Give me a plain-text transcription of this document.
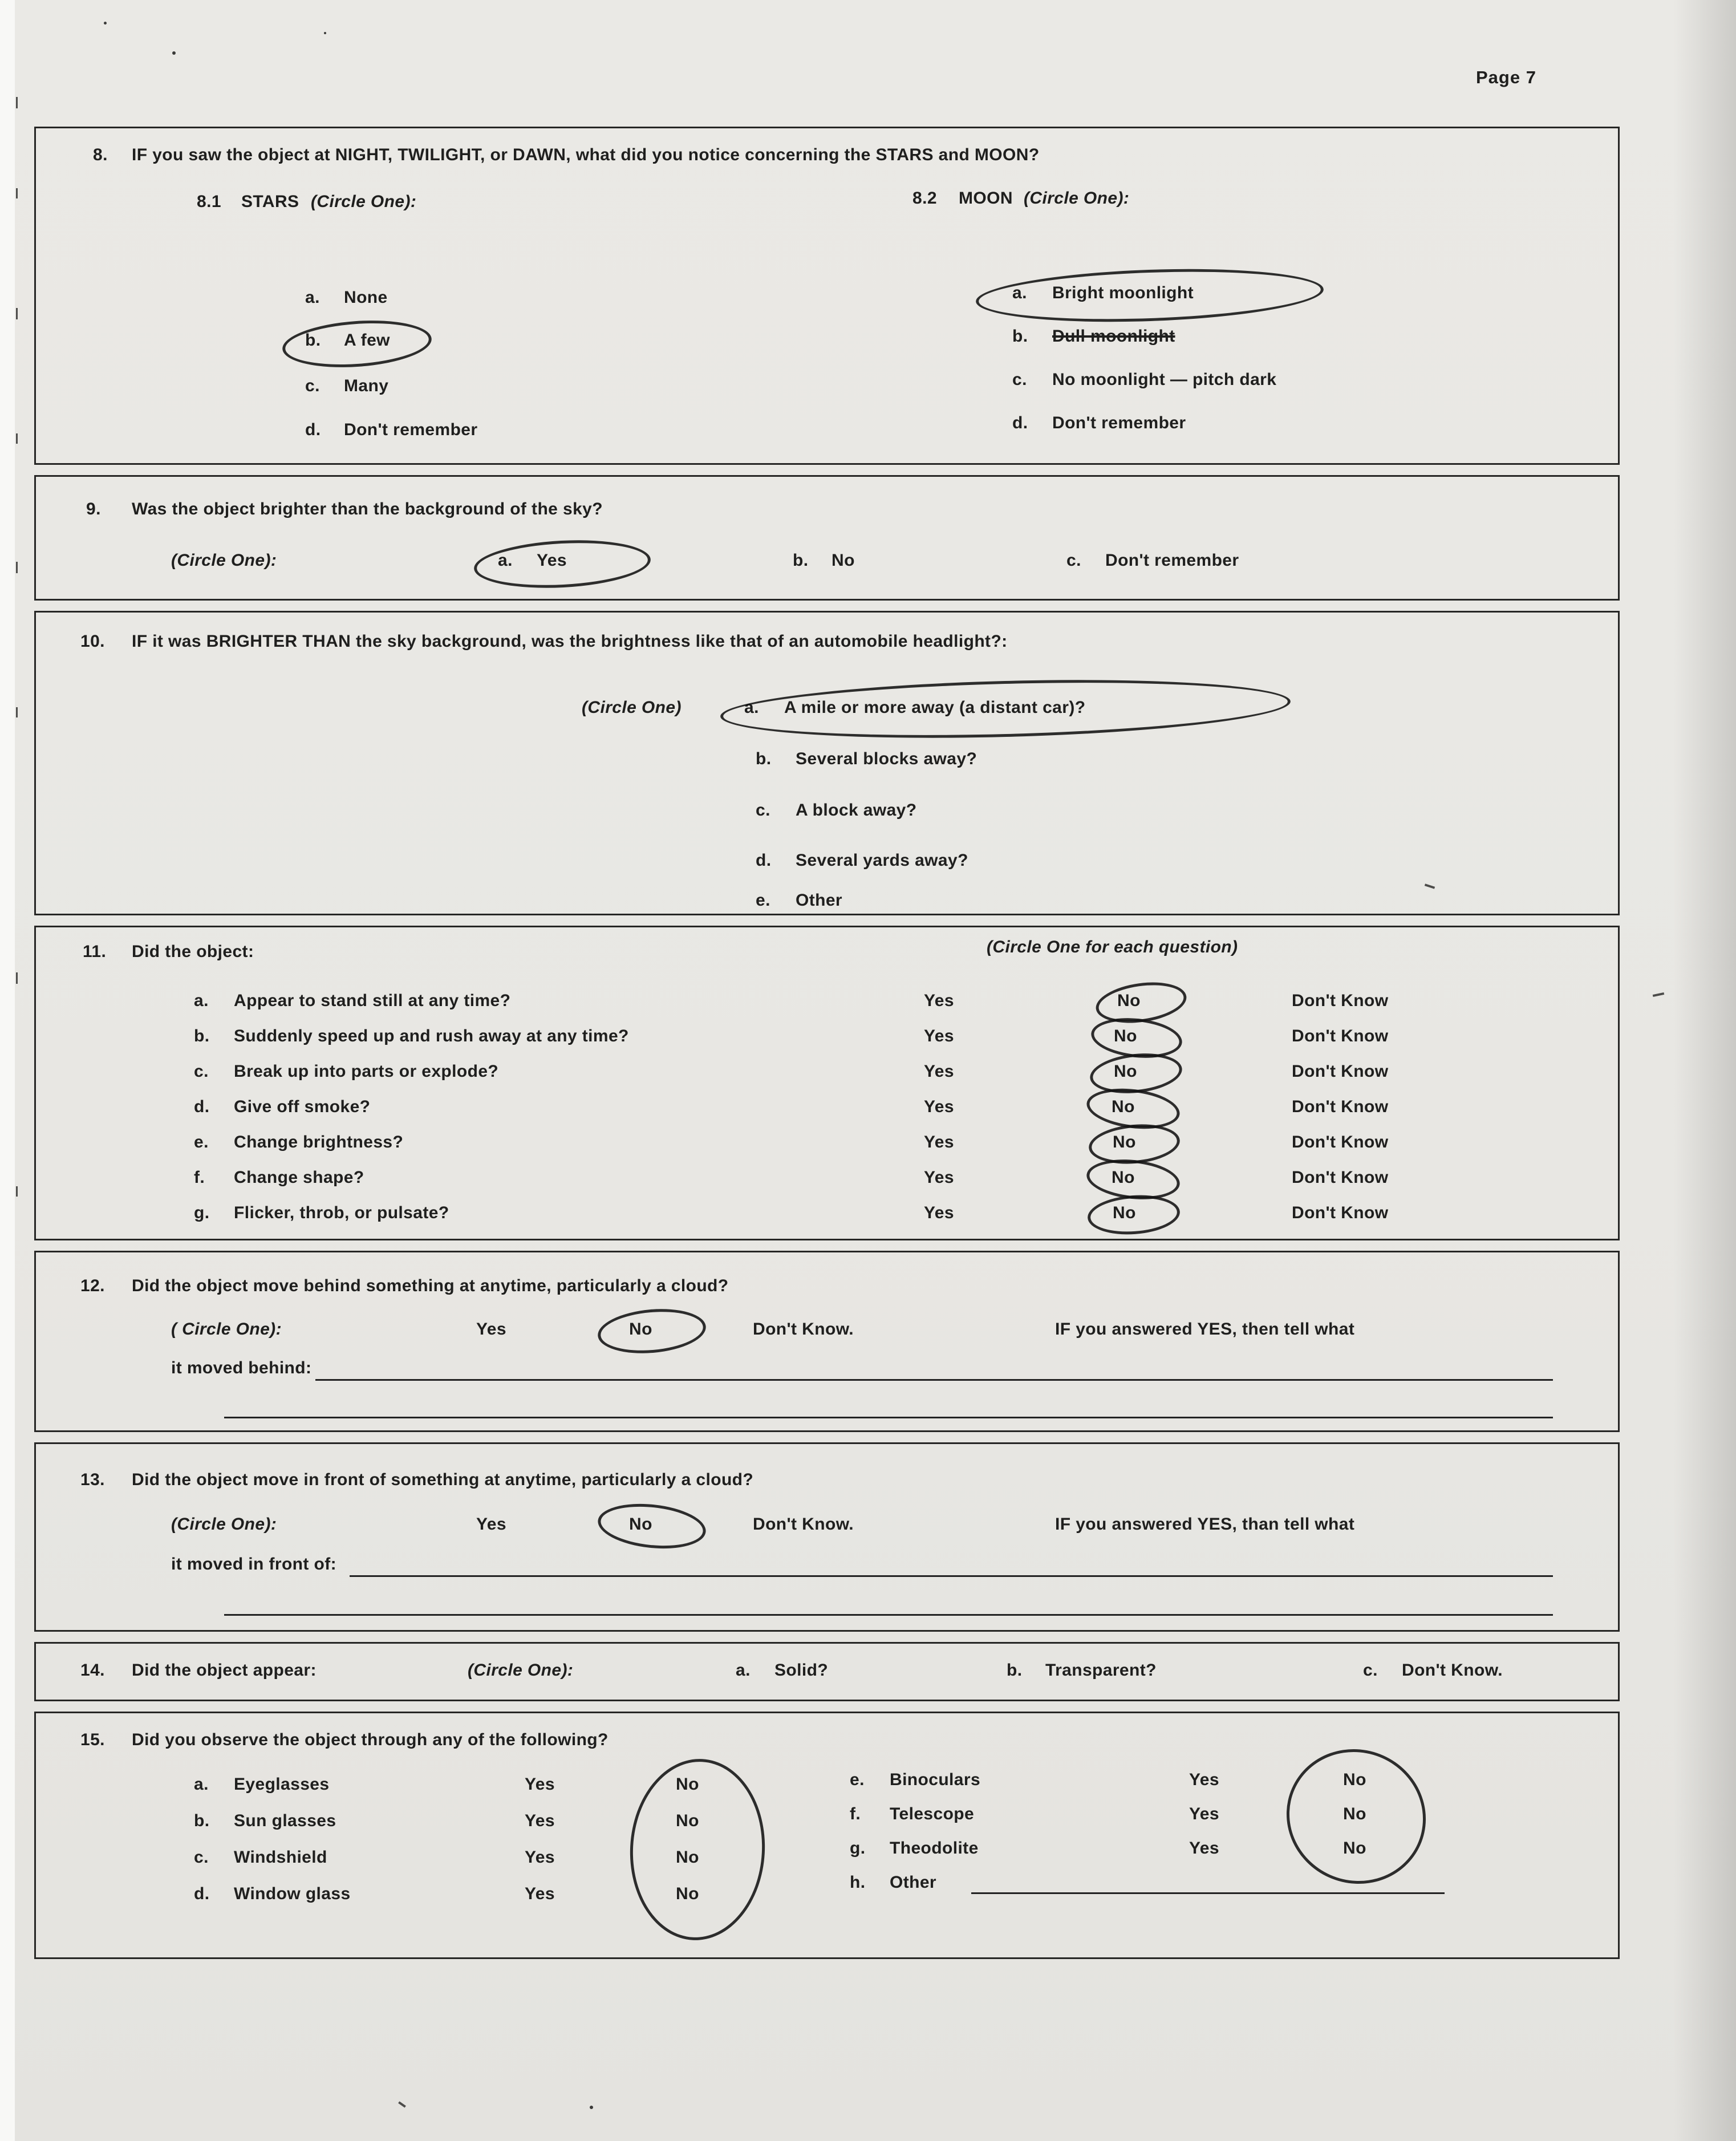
Page 7
8. IF you saw the object at NIGHT, TWILIGHT, or DAWN, what did you notice concerning the STARS and MOON?
8.1 STARS (Circle One):	8.2 MOON (Circle One):
a. None
b. A few
c. Many
d. Don't remember
a. Bright moonlight
b. Dull moonlight
c. No moonlight — pitch dark
d. Don't remember
9. Was the object brighter than the background of the sky?
(Circle One):	a. Yes	b. No	c. Don't remember
10. IF it was BRIGHTER THAN the sky background, was the brightness like that of an automobile headlight?:
(Circle One)	a. A mile or more away (a distant car)?
b. Several blocks away?
c. A block away?
d. Several yards away?
e. Other
11. Did the object:	(Circle One for each question)
a. Appear to stand still at any time?	Yes	No	Don't Know
b. Suddenly speed up and rush away at any time?	Yes	No	Don't Know
c. Break up into parts or explode?	Yes	No	Don't Know
d. Give off smoke?	Yes	No	Don't Know
e. Change brightness?	Yes	No	Don't Know
f. Change shape?	Yes	No	Don't Know
g. Flicker, throb, or pulsate?	Yes	No	Don't Know
12. Did the object move behind something at anytime, particularly a cloud?
( Circle One):	Yes	No	Don't Know.	IF you answered YES, then tell what
it moved behind:
13. Did the object move in front of something at anytime, particularly a cloud?
(Circle One):	Yes	No	Don't Know.	IF you answered YES, than tell what
it moved in front of:
14. Did the object appear:	(Circle One):	a. Solid?	b. Transparent?	c. Don't Know.
15. Did you observe the object through any of the following?
a. Eyeglasses	Yes	No
b. Sun glasses	Yes	No
c. Windshield	Yes	No
d. Window glass	Yes	No
e. Binoculars	Yes	No
f. Telescope	Yes	No
g. Theodolite	Yes	No
h. Other
